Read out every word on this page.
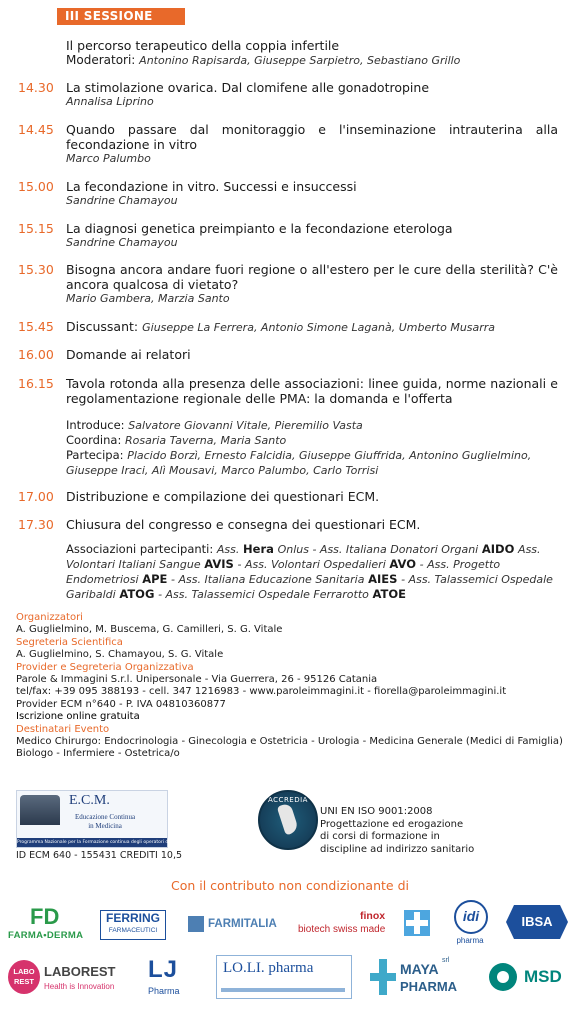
III SESSIONE
Il percorso terapeutico della coppia infertile
Moderatori: Antonino Rapisarda, Giuseppe Sarpietro, Sebastiano Grillo
14.30 La stimolazione ovarica. Dal clomifene alle gonadotropine
Annalisa Liprino
14.45 Quando passare dal monitoraggio e l'inseminazione intrauterina alla fecondazione in vitro
Marco Palumbo
15.00 La fecondazione in vitro. Successi e insuccessi
Sandrine Chamayou
15.15 La diagnosi genetica preimpianto e la fecondazione eterologa
Sandrine Chamayou
15.30 Bisogna ancora andare fuori regione o all'estero per le cure della sterilità? C'è ancora qualcosa di vietato?
Mario Gambera, Marzia Santo
15.45 Discussant: Giuseppe La Ferrera, Antonio Simone Laganà, Umberto Musarra
16.00 Domande ai relatori
16.15 Tavola rotonda alla presenza delle associazioni: linee guida, norme nazionali e regolamentazione regionale delle PMA: la domanda e l'offerta
Introduce: Salvatore Giovanni Vitale, Pieremilio Vasta
Coordina: Rosaria Taverna, Maria Santo
Partecipa: Placido Borzì, Ernesto Falcidia, Giuseppe Giuffrida, Antonino Guglielmino, Giuseppe Iraci, Alì Mousavi, Marco Palumbo, Carlo Torrisi
17.00 Distribuzione e compilazione dei questionari ECM.
17.30 Chiusura del congresso e consegna dei questionari ECM.
Associazioni partecipanti: Ass. Hera Onlus - Ass. Italiana Donatori Organi AIDO Ass. Volontari Italiani Sangue AVIS - Ass. Volontari Ospedalieri AVO - Ass. Progetto Endometriosi APE - Ass. Italiana Educazione Sanitaria AIES - Ass. Talassemici Ospedale Garibaldi ATOG - Ass. Talassemici Ospedale Ferrarotto ATOE
Organizzatori
A. Guglielmino, M. Buscema, G. Camilleri, S. G. Vitale
Segreteria Scientifica
A. Guglielmino, S. Chamayou, S. G. Vitale
Provider e Segreteria Organizzativa
Parole & Immagini S.r.l. Unipersonale - Via Guerrera, 26 - 95126 Catania
tel/fax: +39 095 388193 - cell. 347 1216983 - www.paroleimmagini.it - fiorella@paroleimmagini.it
Provider ECM n°640 - P. IVA 04810360877
Iscrizione online gratuita
Destinatari Evento
Medico Chirurgo: Endocrinologia - Ginecologia e Ostetricia - Urologia - Medicina Generale (Medici di Famiglia)
Biologo - Infermiere - Ostetrica/o
E.C.M.
Educazione Continua
in Medicina
Programma Nazionale per la Formazione continua degli operatori della Sanità
ID ECM 640 - 155431 CREDITI 10,5
ACCREDIA
UNI EN ISO 9001:2008
Progettazione ed erogazione
di corsi di formazione in
discipline ad indirizzo sanitario
Con il contributo non condizionante di
FD
FARMA•DERMA
FERRING
FARMACEUTICI
FARMITALIA
finox
biotech swiss made
idi
pharma
IBSA
LABO REST
LABOREST
Health is Innovation
LJ
Pharma
LO.LI. pharma	MAYA
srl
PHARMA
MSD
